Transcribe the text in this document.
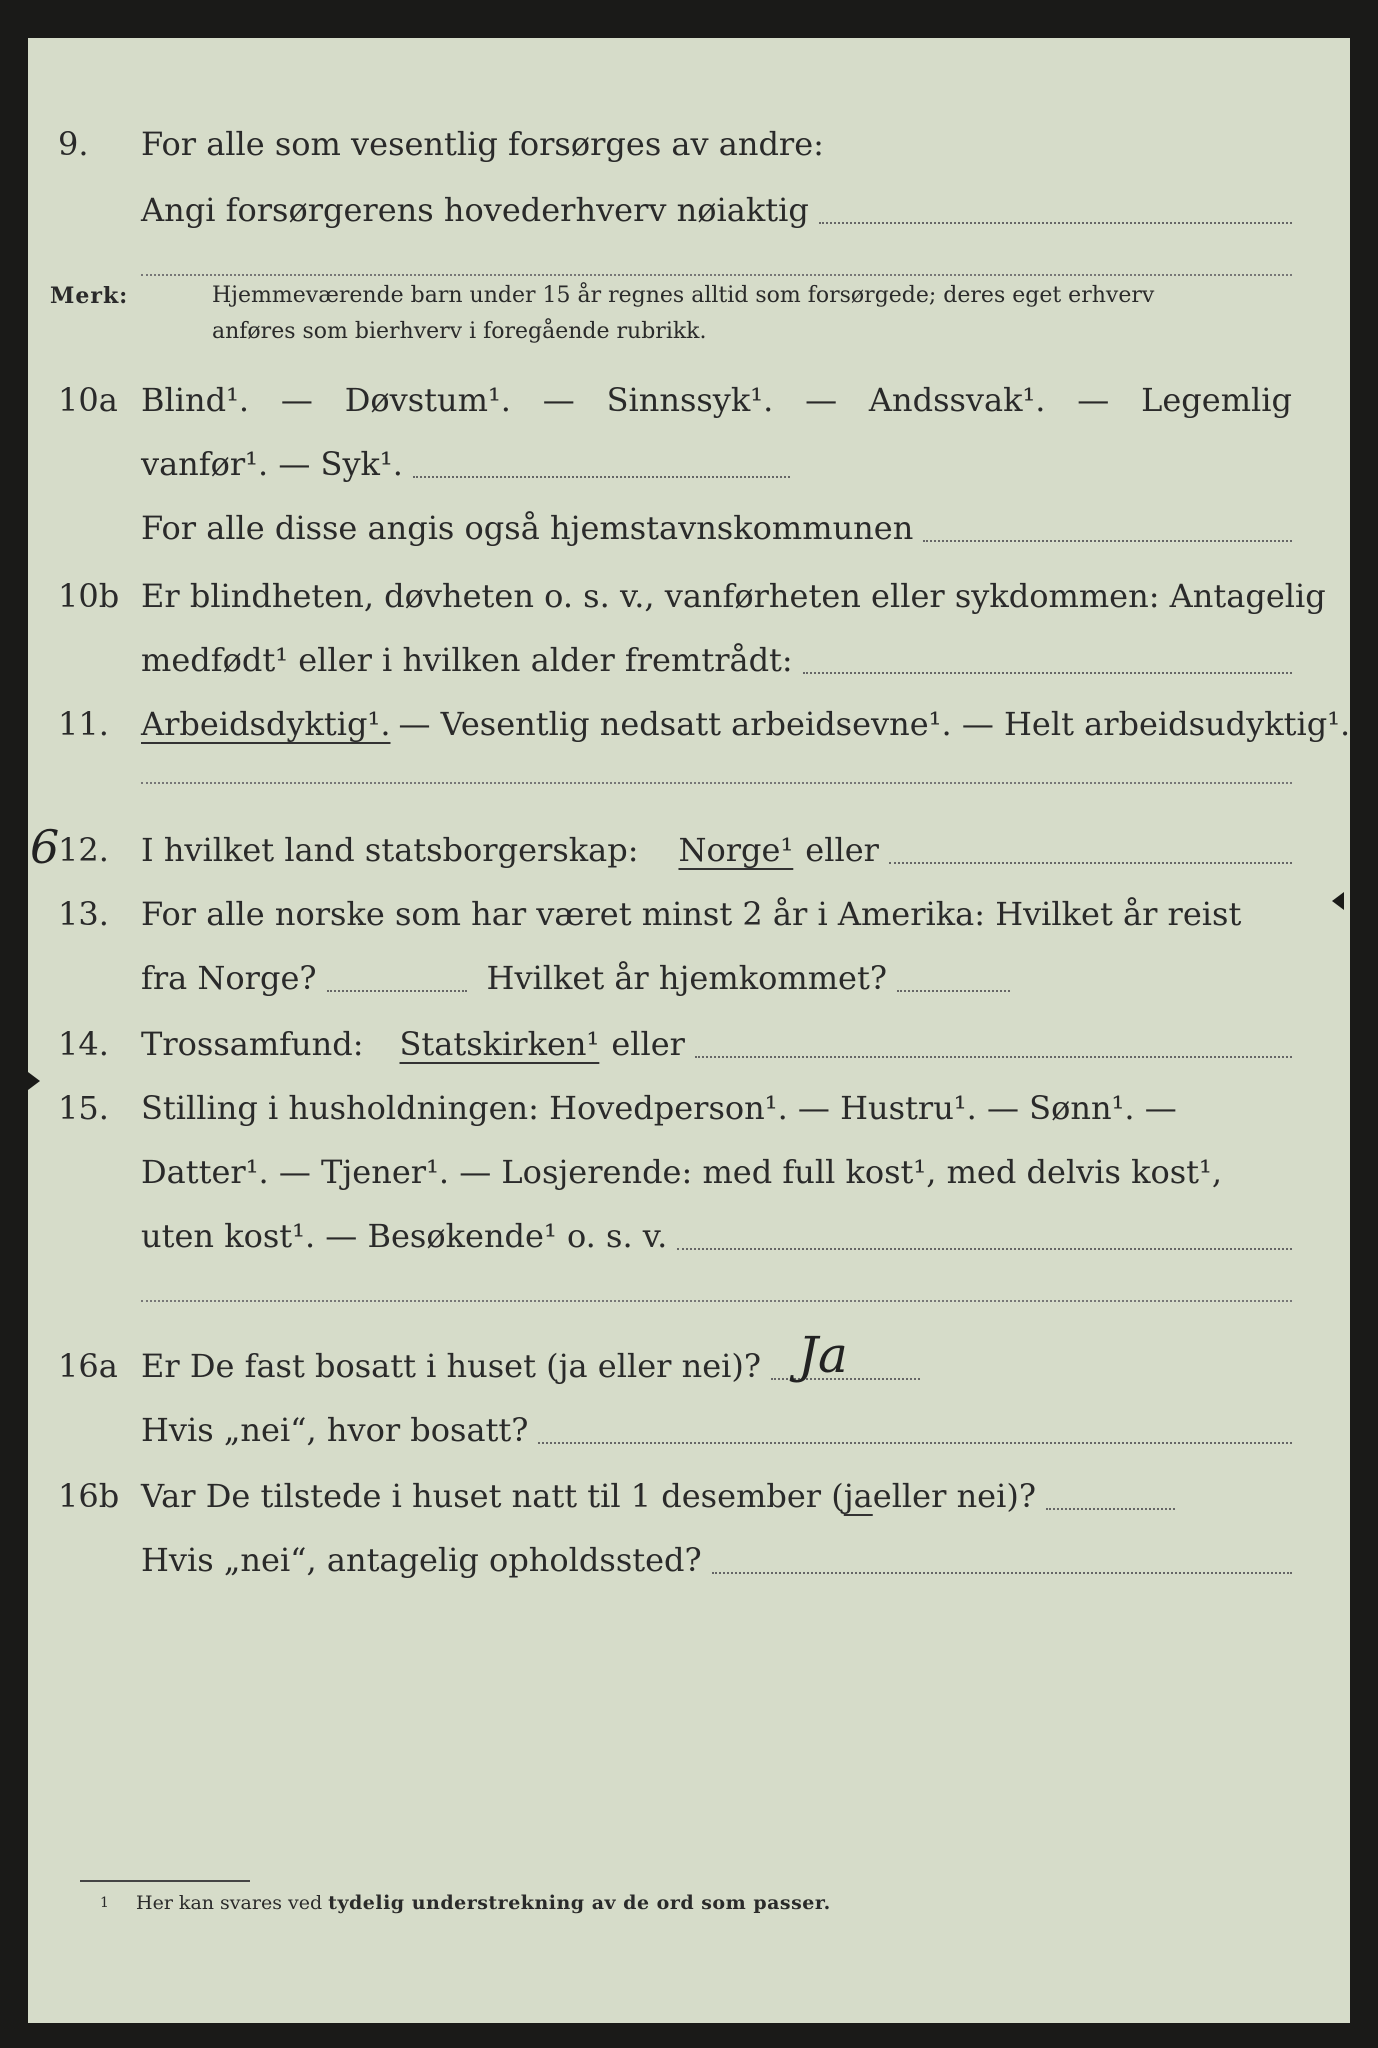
9.	For alle som vesentlig forsørges av andre:
Angi forsørgerens hovederhverv nøiaktig
Merk:	Hjemmeværende barn under 15 år regnes alltid som forsørgede; deres eget erhverv
anføres som bierhverv i foregående rubrikk.
10a Blind¹. — Døvstum¹. — Sinnssyk¹. — Andssvak¹. — Legemlig
vanfør¹. — Syk¹.
For alle disse angis også hjemstavnskommunen
10b Er blindheten, døvheten o. s. v., vanførheten eller sykdommen: Antagelig
medfødt¹ eller i hvilken alder fremtrådt:
11.	Arbeidsdyktig¹. — Vesentlig nedsatt arbeidsevne¹. — Helt arbeidsudyktig¹.
6
12.	I hvilket land statsborgerskap: Norge¹ eller
13.	For alle norske som har været minst 2 år i Amerika: Hvilket år reist
fra Norge?	Hvilket år hjemkommet?
14.	Trossamfund: Statskirken¹ eller
15.	Stilling i husholdningen: Hovedperson¹. — Hustru¹. — Sønn¹. —
Datter¹. — Tjener¹. — Losjerende: med full kost¹, med delvis kost¹,
uten kost¹. — Besøkende¹ o. s. v.
16a Er De fast bosatt i huset (ja eller nei)? Ja
Hvis „nei“, hvor bosatt?
16b Var De tilstede i huset natt til 1 desember ( ja eller nei)?
Hvis „nei“, antagelig opholdssted?
1 Her kan svares ved tydelig understrekning av de ord som passer.
